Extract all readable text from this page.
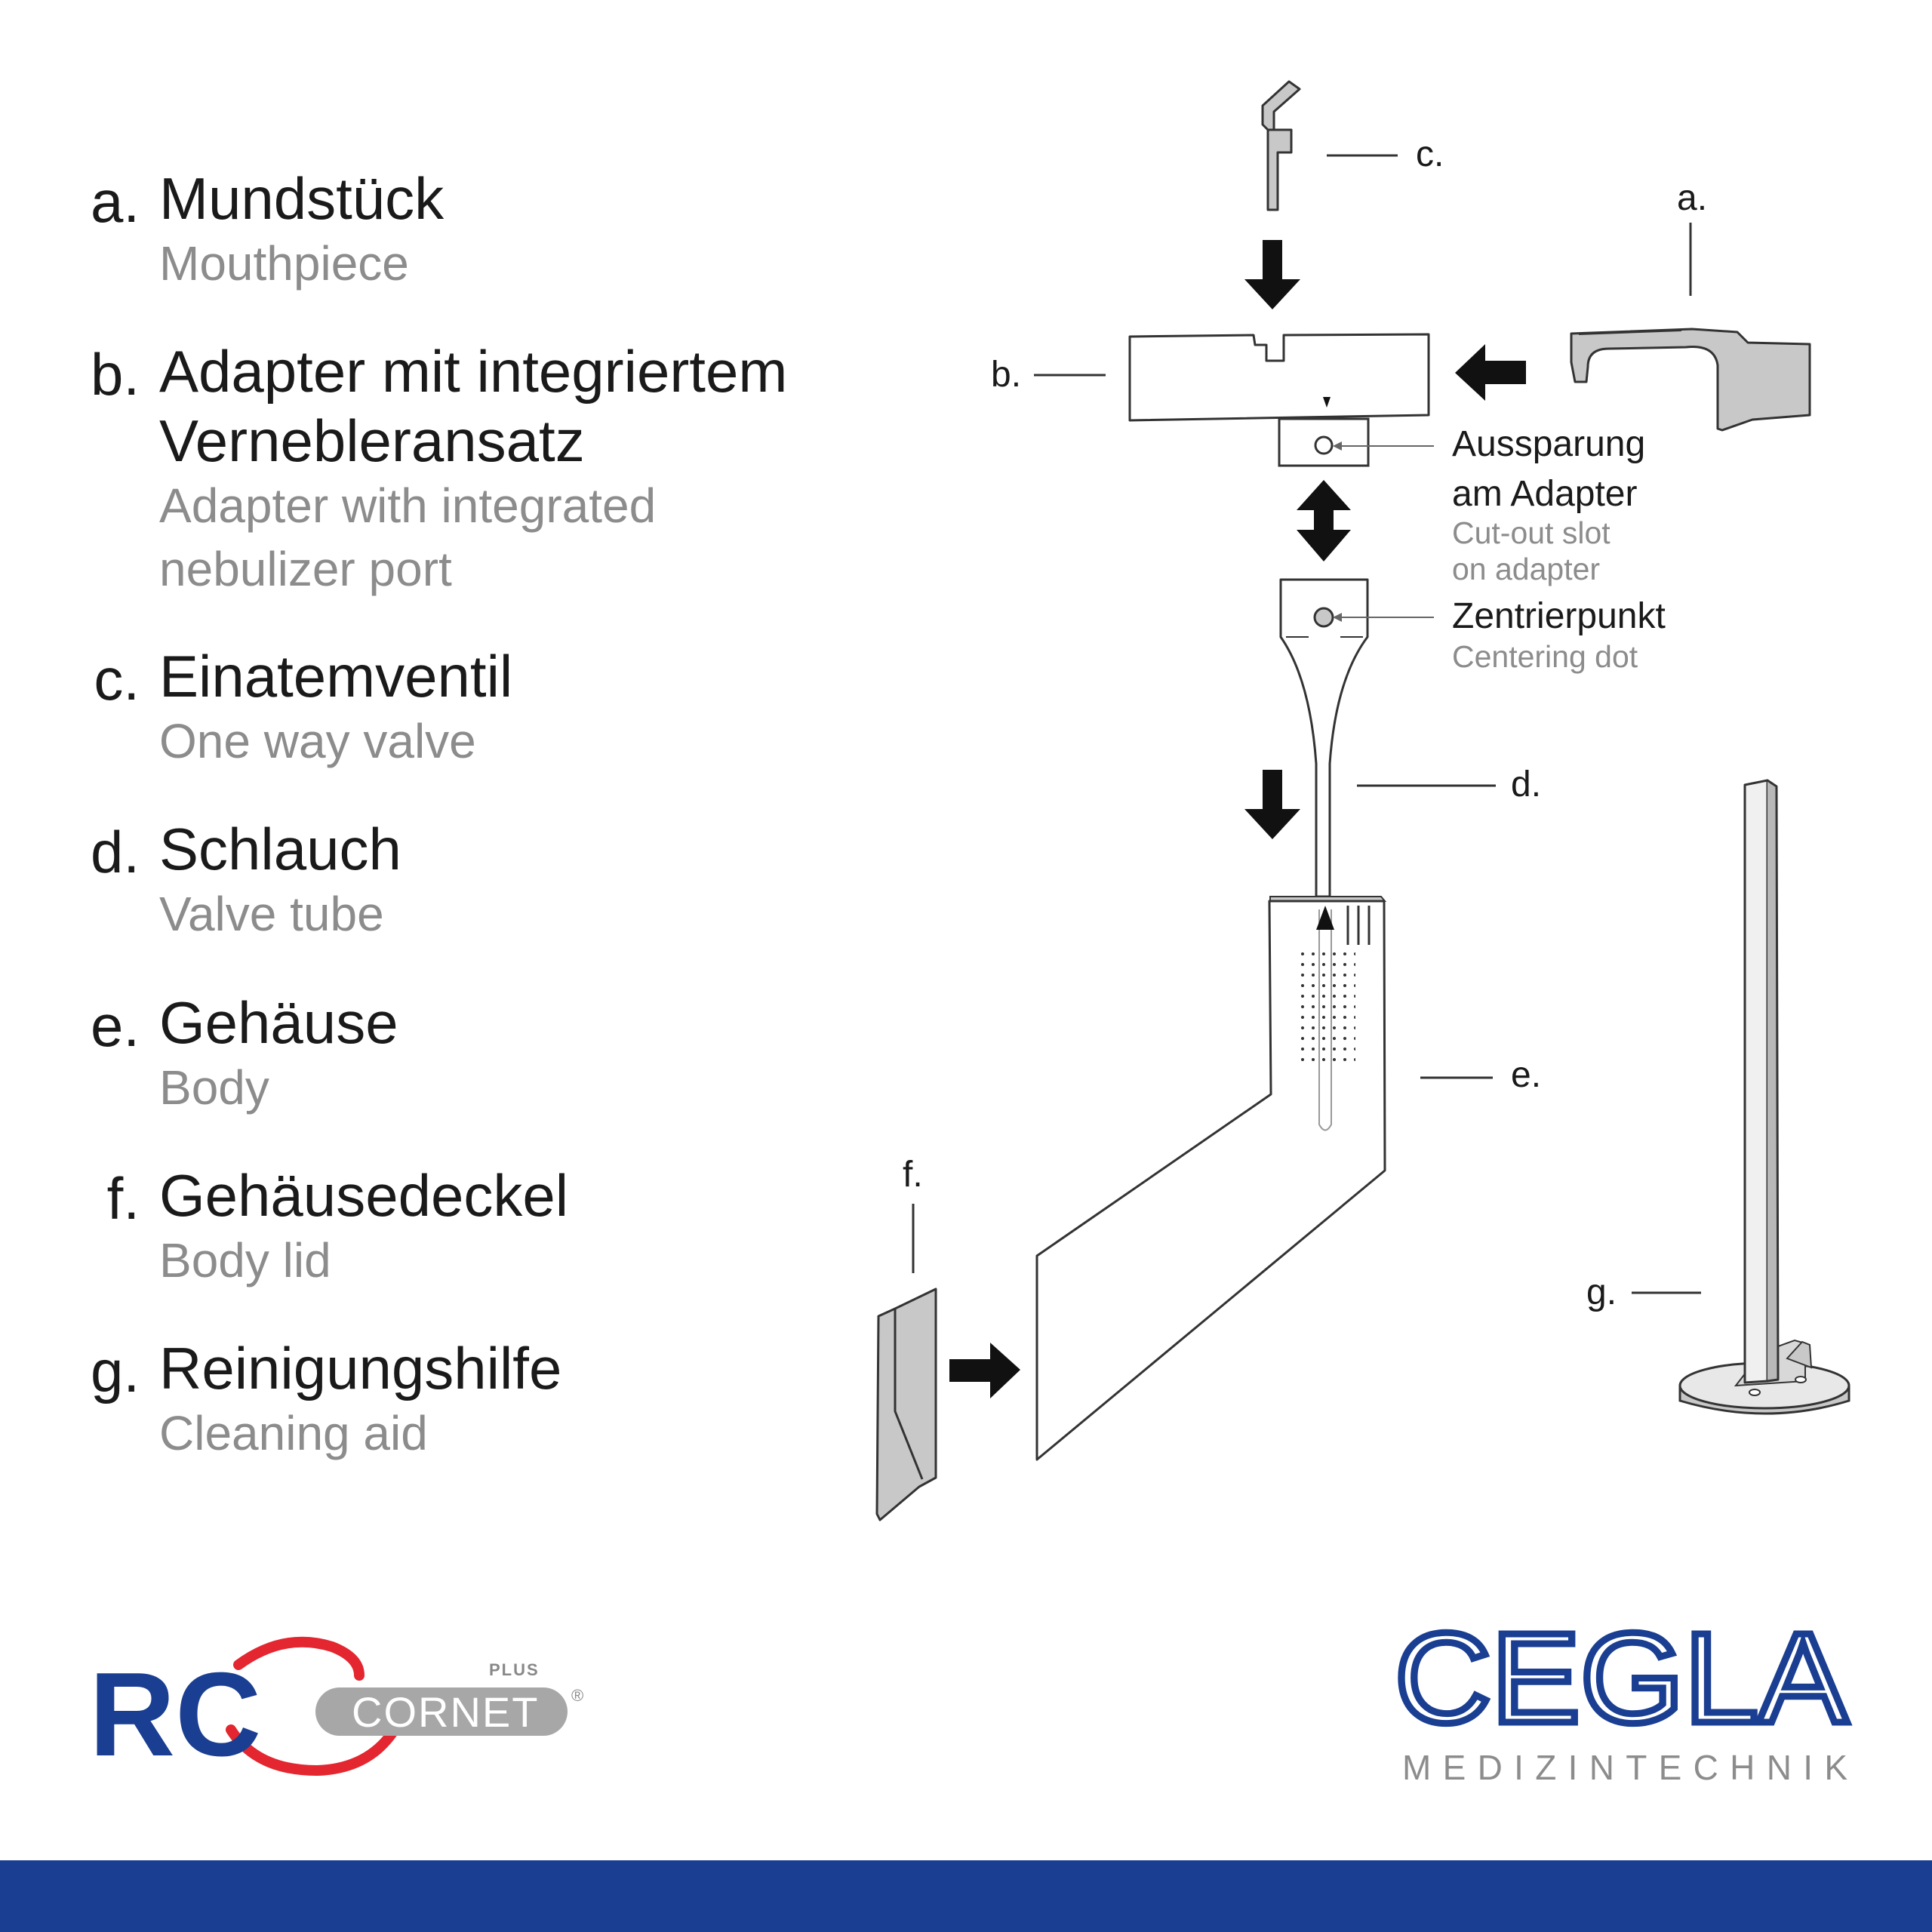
a. Mundstück
Mouthpiece
b. Adapter mit integriertem
Vernebleransatz
Adapter with integrated
nebulizer port
c. Einatemventil
One way valve
d. Schlauch
Valve tube
e. Gehäuse
Body
f. Gehäusedeckel
Body lid
g. Reinigungshilfe
Cleaning aid
c.
b.
a.
Aussparung
am Adapter
Cut-out slot
on adapter
Zentrierpunkt
Centering dot
d.
e.
f.
g.
RC CORNET
PLUS
®	CEGLA
MEDIZINTECHNIK
